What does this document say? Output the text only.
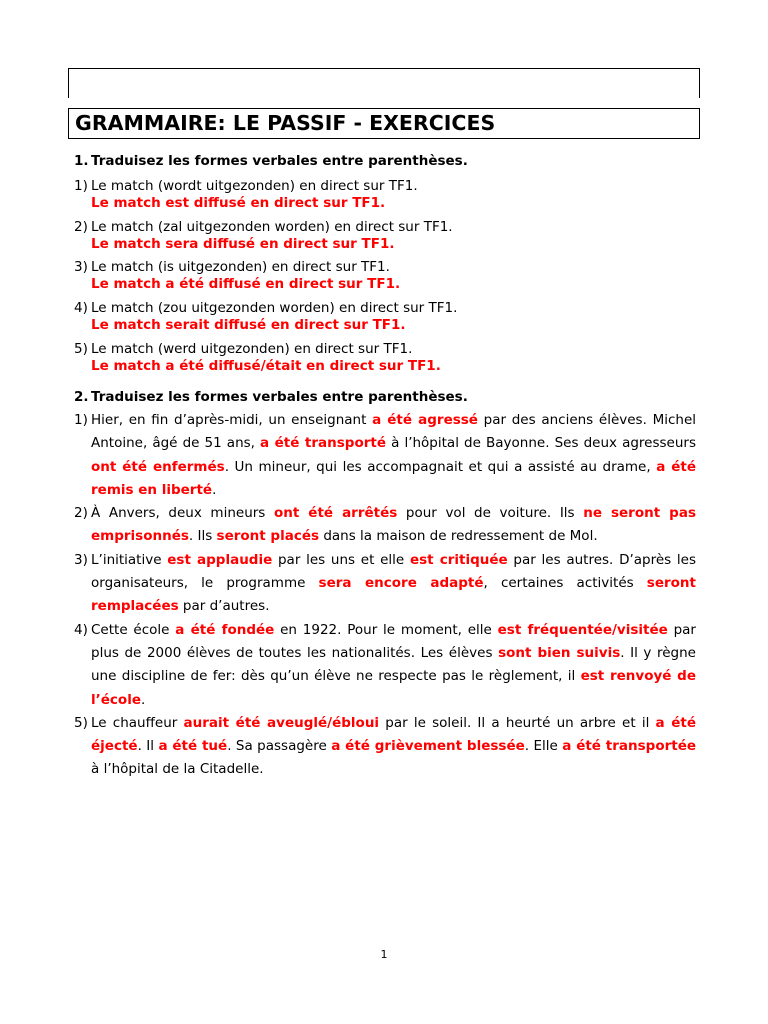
GRAMMAIRE: LE PASSIF - EXERCICES
1. Traduisez les formes verbales entre parenthèses.
1) Le match (wordt uitgezonden) en direct sur TF1.
Le match est diffusé en direct sur TF1.
2) Le match (zal uitgezonden worden) en direct sur TF1.
Le match sera diffusé en direct sur TF1.
3) Le match (is uitgezonden) en direct sur TF1.
Le match a été diffusé en direct sur TF1.
4) Le match (zou uitgezonden worden) en direct sur TF1.
Le match serait diffusé en direct sur TF1.
5) Le match (werd uitgezonden) en direct sur TF1.
Le match a été diffusé/était en direct sur TF1.
2. Traduisez les formes verbales entre parenthèses.
1) Hier, en fin d’après-midi, un enseignant a été agressé par des anciens élèves. Michel Antoine, âgé de 51 ans, a été transporté à l’hôpital de Bayonne. Ses deux agresseurs ont été enfermés. Un mineur, qui les accompagnait et qui a assisté au drame, a été remis en liberté.
2) À Anvers, deux mineurs ont été arrêtés pour vol de voiture. Ils ne seront pas emprisonnés. Ils seront placés dans la maison de redressement de Mol.
3) L’initiative est applaudie par les uns et elle est critiquée par les autres. D’après les organisateurs, le programme sera encore adapté, certaines activités seront remplacées par d’autres.
4) Cette école a été fondée en 1922. Pour le moment, elle est fréquentée/visitée par plus de 2000 élèves de toutes les nationalités. Les élèves sont bien suivis. Il y règne une discipline de fer: dès qu’un élève ne respecte pas le règlement, il est renvoyé de l’école.
5) Le chauffeur aurait été aveuglé/ébloui par le soleil. Il a heurté un arbre et il a été éjecté. Il a été tué. Sa passagère a été grièvement blessée. Elle a été transportée à l’hôpital de la Citadelle.
1
